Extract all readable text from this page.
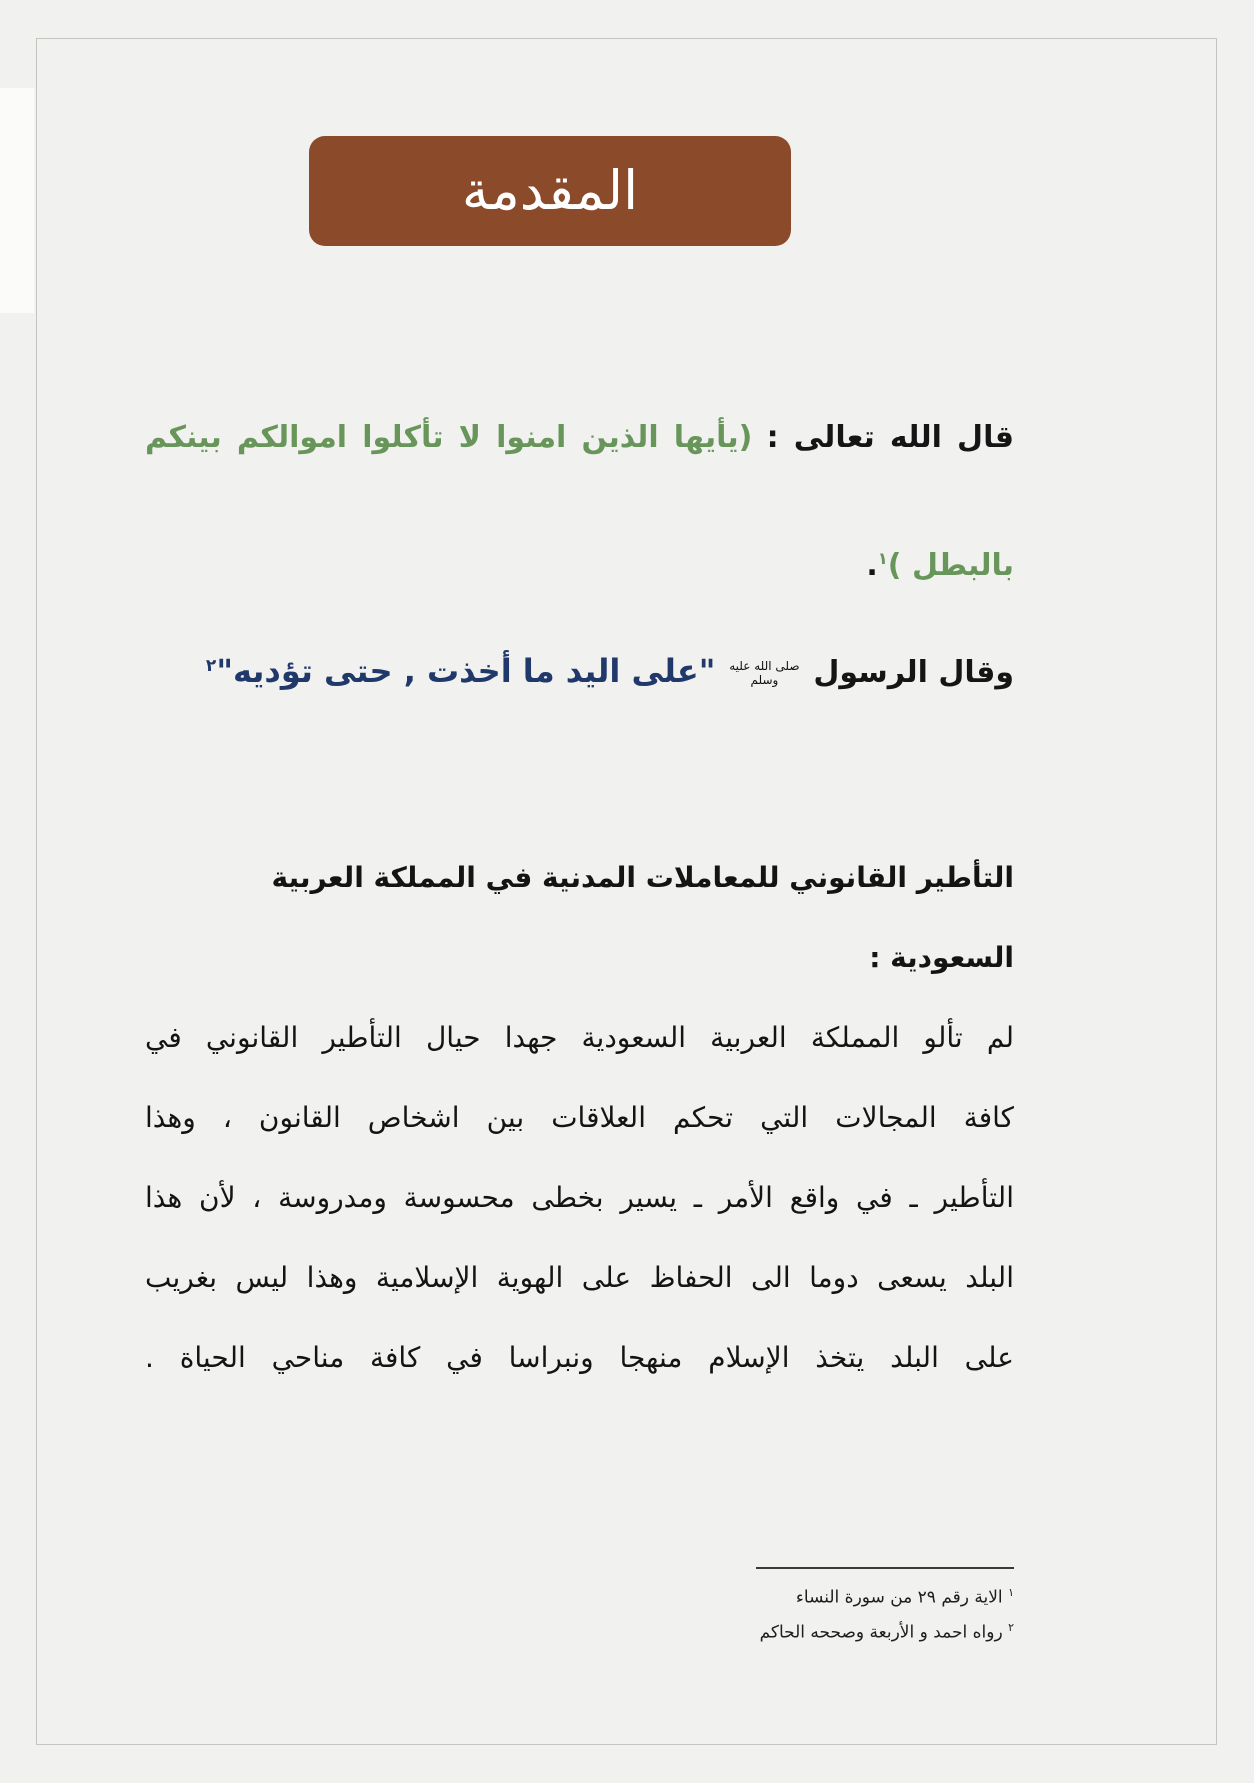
المقدمة
قال الله تعالى : (يأيها الذين امنوا لا تأكلوا اموالكم بينكم
بالبطل )$^١$.
وقال الرسولصلى الله عليه وسلم"على اليد ما أخذت , حتى تؤديه"$^٢$
التأطير القانوني للمعاملات المدنية في المملكة العربية السعودية :
لم تألو المملكة العربية السعودية جهدا حيال التأطير القانوني في
كافة المجالات التي تحكم العلاقات بين اشخاص القانون ، وهذا
التأطير ـ في واقع الأمر ـ يسير بخطى محسوسة ومدروسة ، لأن هذا
البلد يسعى دوما الى الحفاظ على الهوية الإسلامية وهذا ليس بغريب
على البلد يتخذ الإسلام منهجا ونبراسا في كافة مناحي الحياة .
$^١$ الاية رقم ٢٩ من سورة النساء
$^٢$ رواه احمد و الأربعة وصححه الحاكم
